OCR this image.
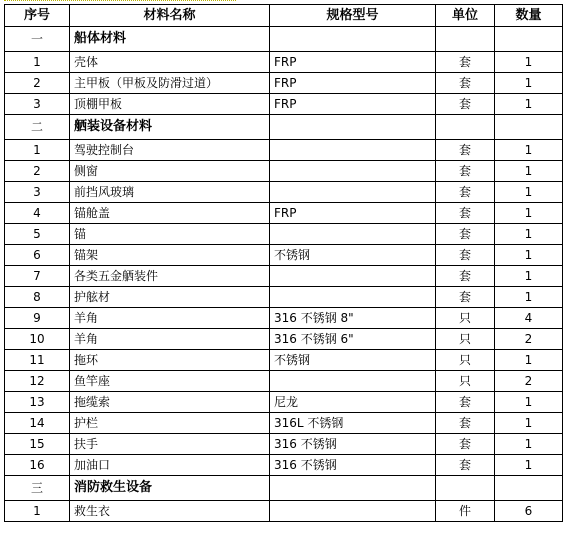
序号	材料名称	规格型号	单位	数量
一	船体材料			
1	壳体	FRP	套	1
2	主甲板（甲板及防滑过道）	FRP	套	1
3	顶棚甲板	FRP	套	1
二	舾装设备材料			
1	驾驶控制台		套	1
2	侧窗		套	1
3	前挡风玻璃		套	1
4	锚舱盖	FRP	套	1
5	锚		套	1
6	锚架	不锈钢	套	1
7	各类五金舾装件		套	1
8	护舷材		套	1
9	羊角	316 不锈钢 8"	只	4
10	羊角	316 不锈钢 6"	只	2
11	拖环	不锈钢	只	1
12	鱼竿座		只	2
13	拖缆索	尼龙	套	1
14	护栏	316L 不锈钢	套	1
15	扶手	316 不锈钢	套	1
16	加油口	316 不锈钢	套	1
三	消防救生设备			
1	救生衣		件	6
